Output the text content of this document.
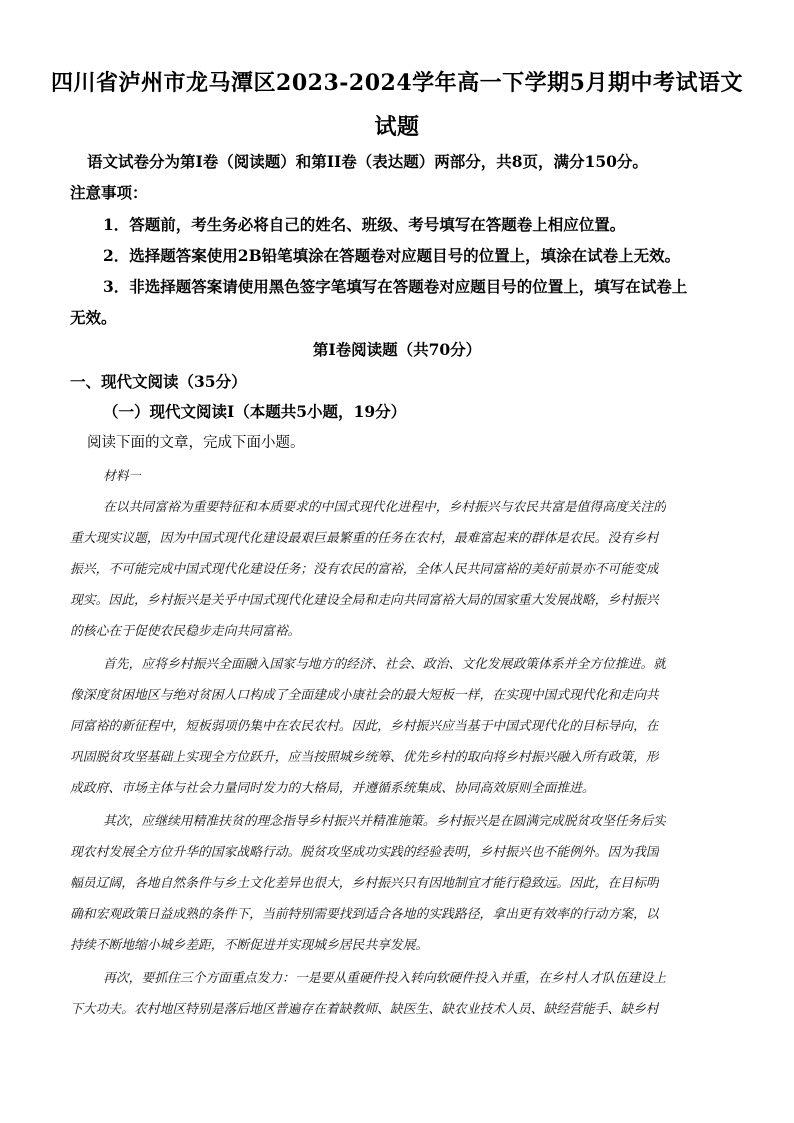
四川省泸州市龙马潭区2023-2024学年高一下学期5月期中考试语文
试题
语文试卷分为第I卷（阅读题）和第II卷（表达题）两部分，共8页，满分150分。
注意事项：
1．答题前，考生务必将自己的姓名、班级、考号填写在答题卷上相应位置。
2．选择题答案使用2B铅笔填涂在答题卷对应题目号的位置上，填涂在试卷上无效。
3．非选择题答案请使用黑色签字笔填写在答题卷对应题目号的位置上，填写在试卷上
无效。
第I卷阅读题（共70分）
一、现代文阅读（35分）
（一）现代文阅读I（本题共5小题，19分）
阅读下面的文章，完成下面小题。
材料一
在以共同富裕为重要特征和本质要求的中国式现代化进程中，乡村振兴与农民共富是值得高度关注的
重大现实议题，因为中国式现代化建设最艰巨最繁重的任务在农村，最难富起来的群体是农民。没有乡村
振兴，不可能完成中国式现代化建设任务；没有农民的富裕，全体人民共同富裕的美好前景亦不可能变成
现实。因此，乡村振兴是关乎中国式现代化建设全局和走向共同富裕大局的国家重大发展战略，乡村振兴
的核心在于促使农民稳步走向共同富裕。
首先，应将乡村振兴全面融入国家与地方的经济、社会、政治、文化发展政策体系并全方位推进。就
像深度贫困地区与绝对贫困人口构成了全面建成小康社会的最大短板一样，在实现中国式现代化和走向共
同富裕的新征程中，短板弱项仍集中在农民农村。因此，乡村振兴应当基于中国式现代化的目标导向，在
巩固脱贫攻坚基础上实现全方位跃升，应当按照城乡统筹、优先乡村的取向将乡村振兴融入所有政策，形
成政府、市场主体与社会力量同时发力的大格局，并遵循系统集成、协同高效原则全面推进。
其次，应继续用精准扶贫的理念指导乡村振兴并精准施策。乡村振兴是在圆满完成脱贫攻坚任务后实
现农村发展全方位升华的国家战略行动。脱贫攻坚成功实践的经验表明，乡村振兴也不能例外。因为我国
幅员辽阔，各地自然条件与乡土文化差异也很大，乡村振兴只有因地制宜才能行稳致远。因此，在目标明
确和宏观政策日益成熟的条件下，当前特别需要找到适合各地的实践路径，拿出更有效率的行动方案，以
持续不断地缩小城乡差距，不断促进并实现城乡居民共享发展。
再次，要抓住三个方面重点发力：一是要从重硬件投入转向软硬件投入并重，在乡村人才队伍建设上
下大功夫。农村地区特别是落后地区普遍存在着缺教师、缺医生、缺农业技术人员、缺经营能手、缺乡村
